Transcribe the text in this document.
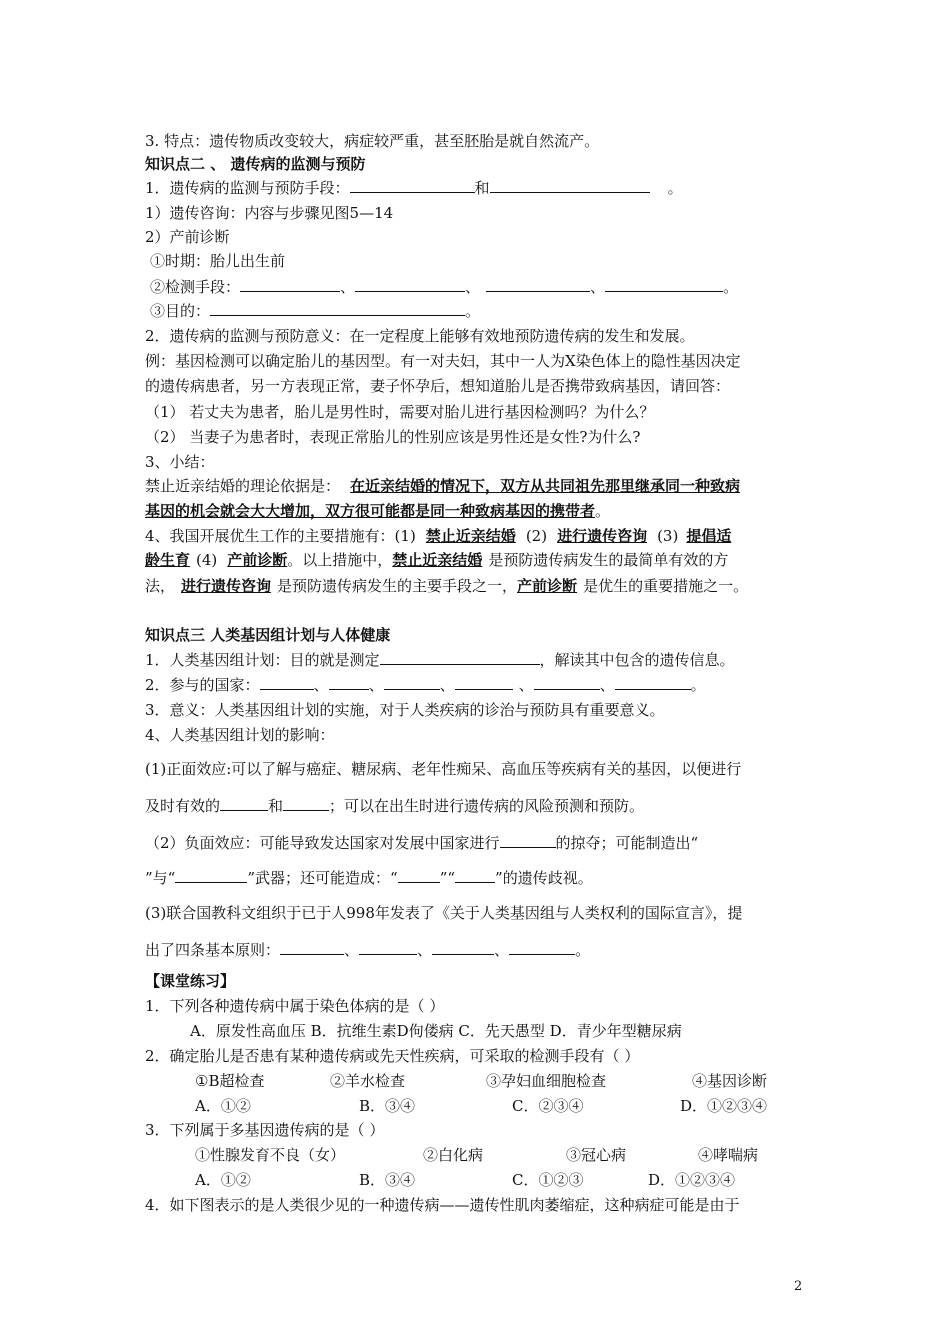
3. 特点：遗传物质改变较大，病症较严重，甚至胚胎是就自然流产。
知识点二 、 遗传病的监测与预防
1．遗传病的监测与预防手段：	和	。
1）遗传咨询：内容与步骤见图5—14
2）产前诊断
①时期：胎儿出生前
②检测手段：	、	、	、	。
③目的：	。
2．遗传病的监测与预防意义：在一定程度上能够有效地预防遗传病的发生和发展。
例：基因检测可以确定胎儿的基因型。有一对夫妇，其中一人为X染色体上的隐性基因决定
的遗传病患者，另一方表现正常，妻子怀孕后，想知道胎儿是否携带致病基因，请回答：
（1） 若丈夫为患者，胎儿是男性时，需要对胎儿进行基因检测吗？为什么？
（2） 当妻子为患者时，表现正常胎儿的性别应该是男性还是女性?为什么?
3、小结：
禁止近亲结婚的理论依据是： 在近亲结婚的情况下，双方从共同祖先那里继承同一种致病
基因的机会就会大大增加，双方很可能都是同一种致病基因的携带者。
4、我国开展优生工作的主要措施有：(1) 禁止近亲结婚 (2) 进行遗传咨询 (3) 提倡适
龄生育 (4) 产前诊断。以上措施中，禁止近亲结婚 是预防遗传病发生的最简单有效的方
法， 进行遗传咨询 是预防遗传病发生的主要手段之一，产前诊断 是优生的重要措施之一。
知识点三 人类基因组计划与人体健康
1．人类基因组计划：目的就是测定	，解读其中包含的遗传信息。
2．参与的国家：	、	、	、	、	、	。
3．意义：人类基因组计划的实施，对于人类疾病的诊治与预防具有重要意义。
4、人类基因组计划的影响：
(1)正面效应:可以了解与癌症、糖尿病、老年性痴呆、高血压等疾病有关的基因，以便进行
及时有效的	和	；可以在出生时进行遗传病的风险预测和预防。
（2）负面效应：可能导致发达国家对发展中国家进行	的掠夺；可能制造出“
”与“	”武器；还可能造成：“	”“	”的遗传歧视。
(3)联合国教科文组织于已于人998年发表了《关于人类基因组与人类权利的国际宣言》，提
出了四条基本原则：	、	、	、	。
【课堂练习】
1．下列各种遗传病中属于染色体病的是（ ）
A．原发性高血压 B．抗维生素D佝偻病 C．先天愚型 D．青少年型糖尿病
2．确定胎儿是否患有某种遗传病或先天性疾病，可采取的检测手段有（ ）
①B超检查	②羊水检查	③孕妇血细胞检查	④基因诊断
A．①②	B．③④	C．②③④	D．①②③④
3．下列属于多基因遗传病的是（ ）
①性腺发育不良（女）	②白化病	③冠心病	④哮喘病
A．①②	B．③④	C．①②③	D．①②③④
4．如下图表示的是人类很少见的一种遗传病——遗传性肌肉萎缩症，这种病症可能是由于
2
